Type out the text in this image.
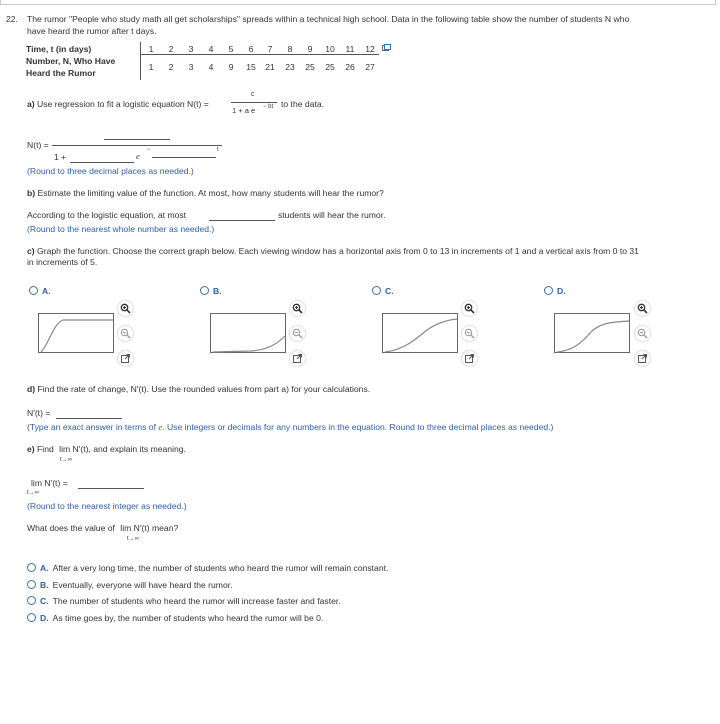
22. The rumor "People who study math all get scholarships" spreads within a technical high school. Data in the following table show the number of students N who
have heard the rumor after t days.
Time, t (in days)
Number, N, Who Have
Heard the Rumor
1	2	3	4	5	6	7	8	9	10	11	12
1	2	3	4	9	15	21	23	25	25	26	27
a) Use regression to fit a logistic equation N(t) =
c
1 + a e − bt to the data.
N(t) =
1 +	e
−	t
(Round to three decimal places as needed.)
b) Estimate the limiting value of the function. At most, how many students will hear the rumor?
According to the logistic equation, at most	students will hear the rumor.
(Round to the nearest whole number as needed.)
c) Graph the function. Choose the correct graph below. Each viewing window has a horizontal axis from 0 to 13 in increments of 1 and a vertical axis from 0 to 31
in increments of 5.
A.	B.	C.	D.
d) Find the rate of change, N′(t). Use the rounded values from part a) for your calculations.
N′(t) =
(Type an exact answer in terms of e. Use integers or decimals for any numbers in the equation. Round to three decimal places as needed.)
e) Find lim N′(t), and explain its meaning.
t→∞
lim N′(t) =
t→∞
(Round to the nearest integer as needed.)
What does the value of lim N′(t) mean?
t→∞
A. After a very long time, the number of students who heard the rumor will remain constant.
B. Eventually, everyone will have heard the rumor.
C. The number of students who heard the rumor will increase faster and faster.
D. As time goes by, the number of students who heard the rumor will be 0.
